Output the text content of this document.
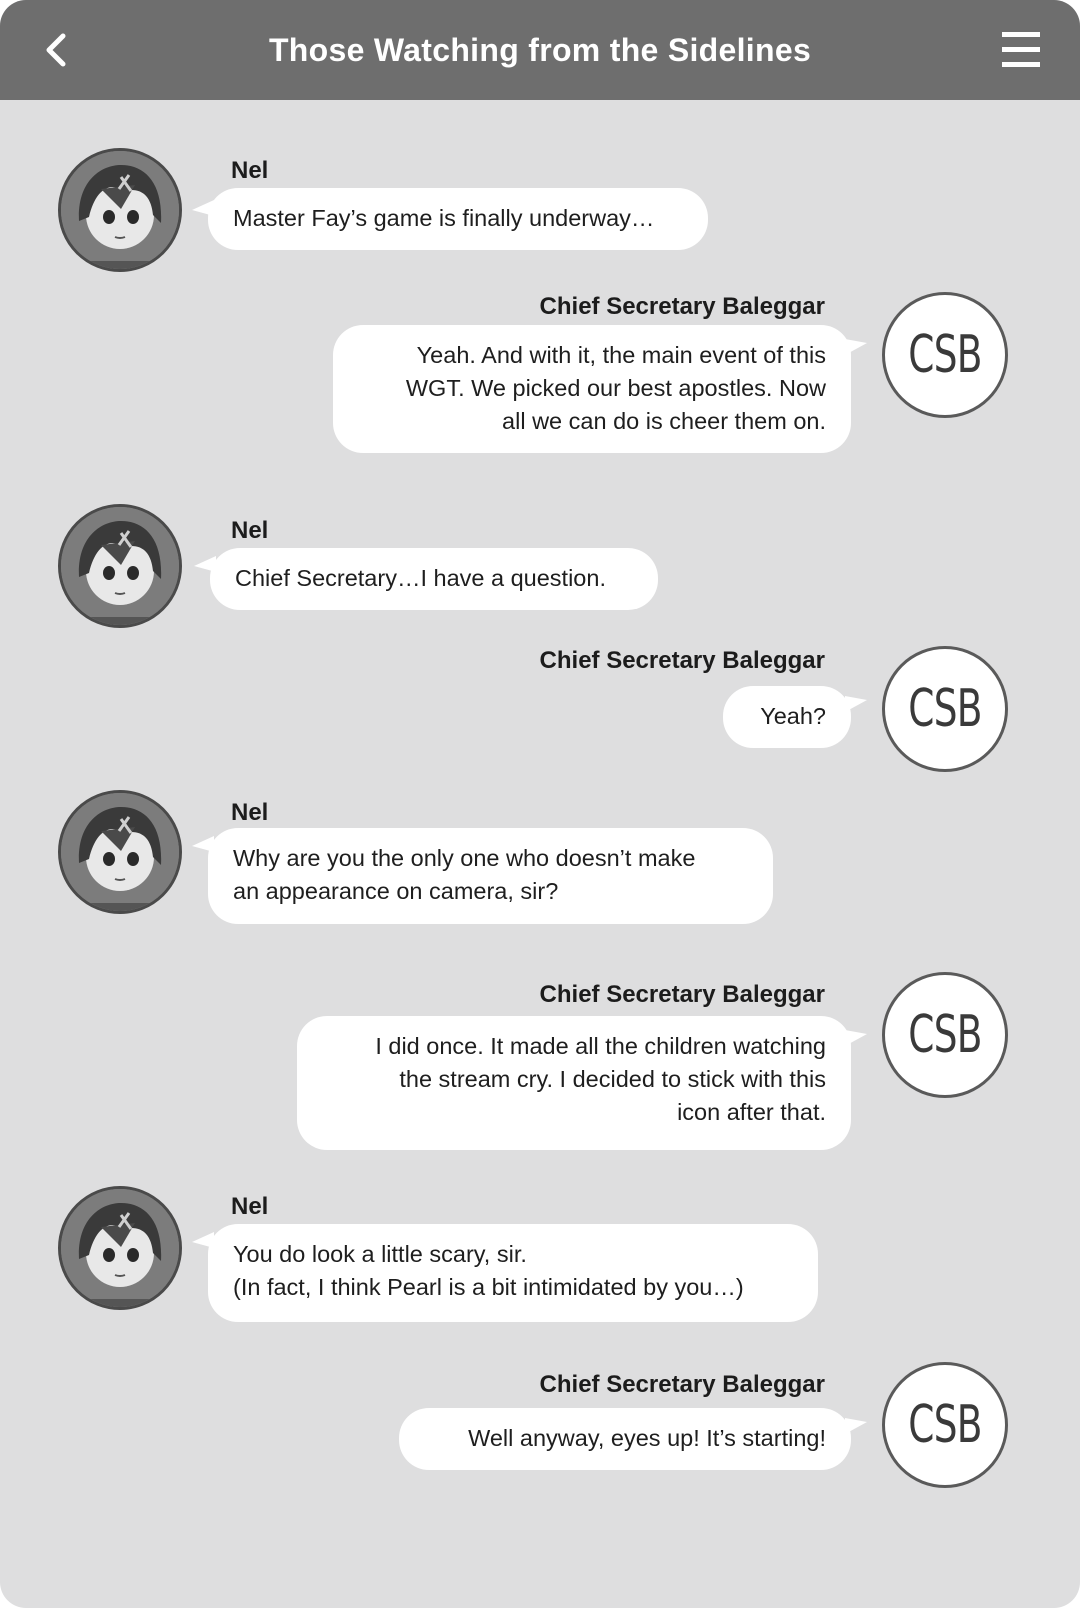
Those Watching from the Sidelines
Nel
Master Fay’s game is finally underway…
Chief Secretary Baleggar
Yeah. And with it, the main event of this
WGT. We picked our best apostles. Now
all we can do is cheer them on.
CSB
Nel
Chief Secretary…I have a question.
Chief Secretary Baleggar
Yeah?	CSB
Nel
Why are you the only one who doesn’t make
an appearance on camera, sir?
Chief Secretary Baleggar
I did once. It made all the children watching
the stream cry. I decided to stick with this
icon after that.
CSB
Nel
You do look a little scary, sir.
(In fact, I think Pearl is a bit intimidated by you…)
Chief Secretary Baleggar
Well anyway, eyes up! It’s starting!	CSB
